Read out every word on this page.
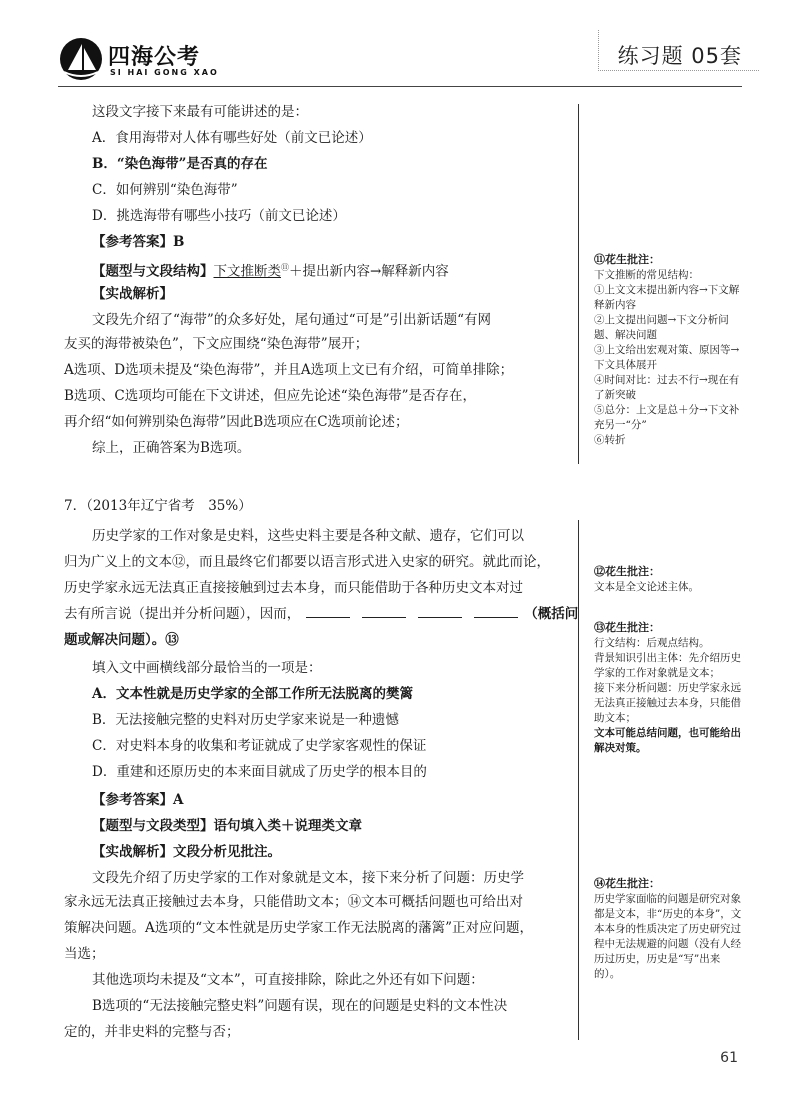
四海公考
SI HAI GONG XAO
练习题 05套
这段文字接下来最有可能讲述的是：
A．食用海带对人体有哪些好处（前文已论述）
B．“染色海带”是否真的存在
C．如何辨别“染色海带”
D．挑选海带有哪些小技巧（前文已论述）
【参考答案】B
【题型与文段结构】下文推断类⑪＋提出新内容→解释新内容
【实战解析】
文段先介绍了“海带”的众多好处，尾句通过“可是”引出新话题“有网
友买的海带被染色”，下文应围绕“染色海带”展开；
A选项、D选项未提及“染色海带”，并且A选项上文已有介绍，可简单排除；
B选项、C选项均可能在下文讲述，但应先论述“染色海带”是否存在，
再介绍“如何辨别染色海带”因此B选项应在C选项前论述；
综上，正确答案为B选项。
⑪花生批注：
下文推断的常见结构：
①上文文末提出新内容→下文解释新内容
②上文提出问题→下文分析问题、解决问题
③上文给出宏观对策、原因等→下文具体展开
④时间对比：过去不行→现在有了新突破
⑤总分：上文是总＋分→下文补充另一“分”
⑥转折
7．（2013年辽宁省考　35%）
历史学家的工作对象是史料，这些史料主要是各种文献、遗存，它们可以
归为广义上的文本⑫，而且最终它们都要以语言形式进入史家的研究。就此而论，
历史学家永远无法真正直接接触到过去本身，而只能借助于各种历史文本对过
去有所言说（提出并分析问题），因而，	（概括问
题或解决问题）。⑬
填入文中画横线部分最恰当的一项是：
A．文本性就是历史学家的全部工作所无法脱离的樊篱
B．无法接触完整的史料对历史学家来说是一种遗憾
C．对史料本身的收集和考证就成了史学家客观性的保证
D．重建和还原历史的本来面目就成了历史学的根本目的
【参考答案】A
【题型与文段类型】语句填入类＋说理类文章
【实战解析】文段分析见批注。
文段先介绍了历史学家的工作对象就是文本，接下来分析了问题：历史学
家永远无法真正接触过去本身，只能借助文本；⑭文本可概括问题也可给出对
策解决问题。A选项的“文本性就是历史学家工作无法脱离的藩篱”正对应问题，
当选；
其他选项均未提及“文本”，可直接排除，除此之外还有如下问题：
B选项的“无法接触完整史料”问题有误，现在的问题是史料的文本性决
定的，并非史料的完整与否；
⑫花生批注：
文本是全文论述主体。
⑬花生批注：
行文结构：后观点结构。
背景知识引出主体：先介绍历史学家的工作对象就是文本；
接下来分析问题：历史学家永远无法真正接触过去本身，只能借助文本；
文本可能总结问题，也可能给出解决对策。
⑭花生批注：
历史学家面临的问题是研究对象都是文本，非“历史的本身”，文本本身的性质决定了历史研究过程中无法规避的问题（没有人经历过历史，历史是“写”出来的）。
61
